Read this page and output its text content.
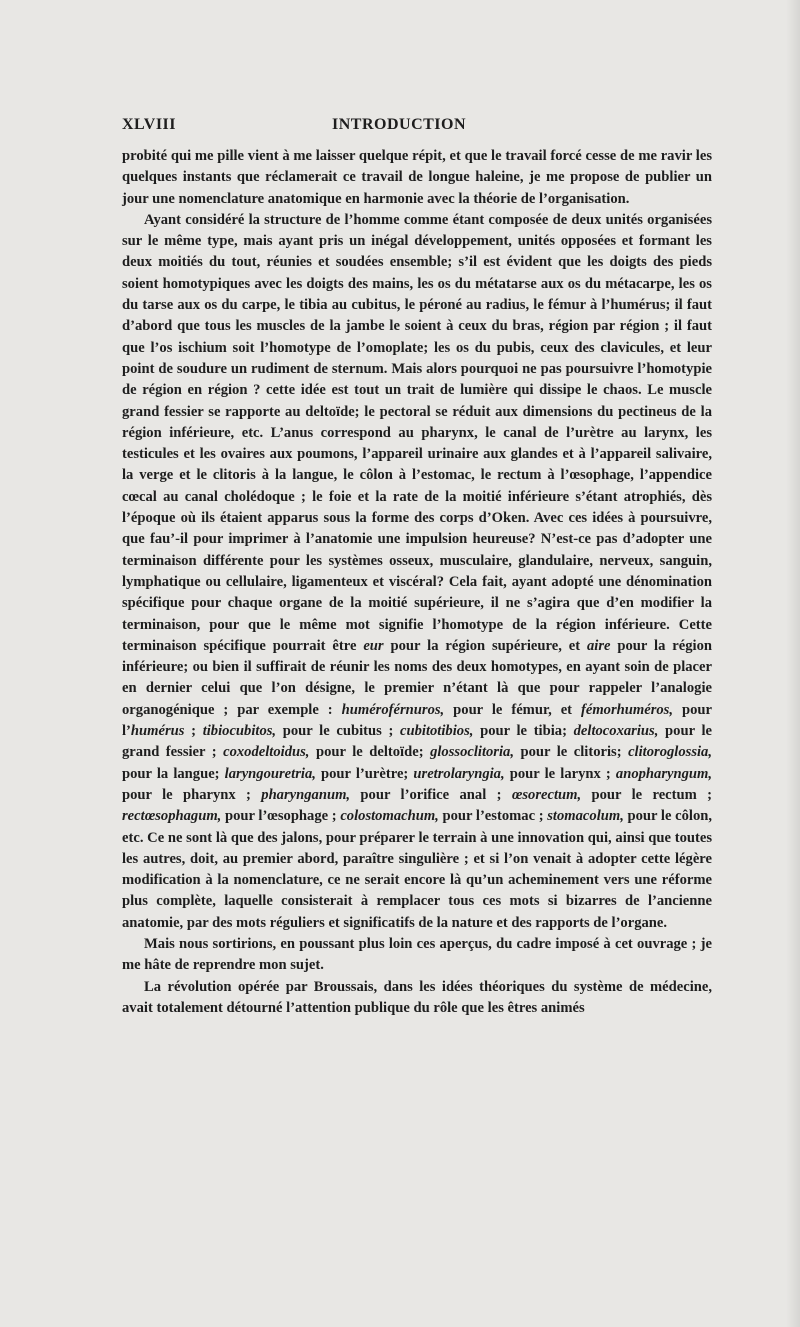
XLVIII	INTRODUCTION

probité qui me pille vient à me laisser quelque répit, et que le travail forcé cesse de me ravir les quelques instants que réclamerait ce travail de longue haleine, je me propose de publier un jour une nomenclature anatomique en harmonie avec la théorie de l’organisation.

Ayant considéré la structure de l’homme comme étant composée de deux unités organisées sur le même type, mais ayant pris un inégal développement, unités opposées et formant les deux moitiés du tout, réunies et soudées ensemble; s’il est évident que les doigts des pieds soient homotypiques avec les doigts des mains, les os du métatarse aux os du métacarpe, les os du tarse aux os du carpe, le tibia au cubitus, le péroné au radius, le fémur à l’humérus; il faut d’abord que tous les muscles de la jambe le soient à ceux du bras, région par région ; il faut que l’os ischium soit l’homotype de l’omoplate; les os du pubis, ceux des clavicules, et leur point de soudure un rudiment de sternum. Mais alors pourquoi ne pas poursuivre l’homotypie de région en région ? cette idée est tout un trait de lumière qui dissipe le chaos. Le muscle grand fessier se rapporte au deltoïde; le pectoral se réduit aux dimensions du pectineus de la région inférieure, etc. L’anus correspond au pharynx, le canal de l’urètre au larynx, les testicules et les ovaires aux poumons, l’appareil urinaire aux glandes et à l’appareil salivaire, la verge et le clitoris à la langue, le côlon à l’estomac, le rectum à l’œsophage, l’appendice cœcal au canal cholédoque ; le foie et la rate de la moitié inférieure s’étant atrophiés, dès l’époque où ils étaient apparus sous la forme des corps d’Oken. Avec ces idées à poursuivre, que fau’-il pour imprimer à l’anatomie une impulsion heureuse? N’est-ce pas d’adopter une terminaison différente pour les systèmes osseux, musculaire, glandulaire, nerveux, sanguin, lymphatique ou cellulaire, ligamenteux et viscéral? Cela fait, ayant adopté une dénomination spécifique pour chaque organe de la moitié supérieure, il ne s’agira que d’en modifier la terminaison, pour que le même mot signifie l’homotype de la région inférieure. Cette terminaison spécifique pourrait être eur pour la région supérieure, et aire pour la région inférieure; ou bien il suffirait de réunir les noms des deux homotypes, en ayant soin de placer en dernier celui que l’on désigne, le premier n’étant là que pour rappeler l’analogie organogénique ; par exemple : huméroférnuros, pour le fémur, et fémorhuméros, pour l’humérus ; tibiocubitos, pour le cubitus ; cubitotibios, pour le tibia; deltocoxarius, pour le grand fessier ; coxodeltoidus, pour le deltoïde; glossoclitoria, pour le clitoris; clitoroglossia, pour la langue; laryngouretria, pour l’urètre; uretrolaryngia, pour le larynx ; anopharyngum, pour le pharynx ; pharynganum, pour l’orifice anal ; œsorectum, pour le rectum ; rectœsophagum, pour l’œsophage ; colostomachum, pour l’estomac ; stomacolum, pour le côlon, etc. Ce ne sont là que des jalons, pour préparer le terrain à une innovation qui, ainsi que toutes les autres, doit, au premier abord, paraître singulière ; et si l’on venait à adopter cette légère modification à la nomenclature, ce ne serait encore là qu’un acheminement vers une réforme plus complète, laquelle consisterait à remplacer tous ces mots si bizarres de l’ancienne anatomie, par des mots réguliers et significatifs de la nature et des rapports de l’organe.

Mais nous sortirions, en poussant plus loin ces aperçus, du cadre imposé à cet ouvrage ; je me hâte de reprendre mon sujet.

La révolution opérée par Broussais, dans les idées théoriques du système de médecine, avait totalement détourné l’attention publique du rôle que les êtres animés
